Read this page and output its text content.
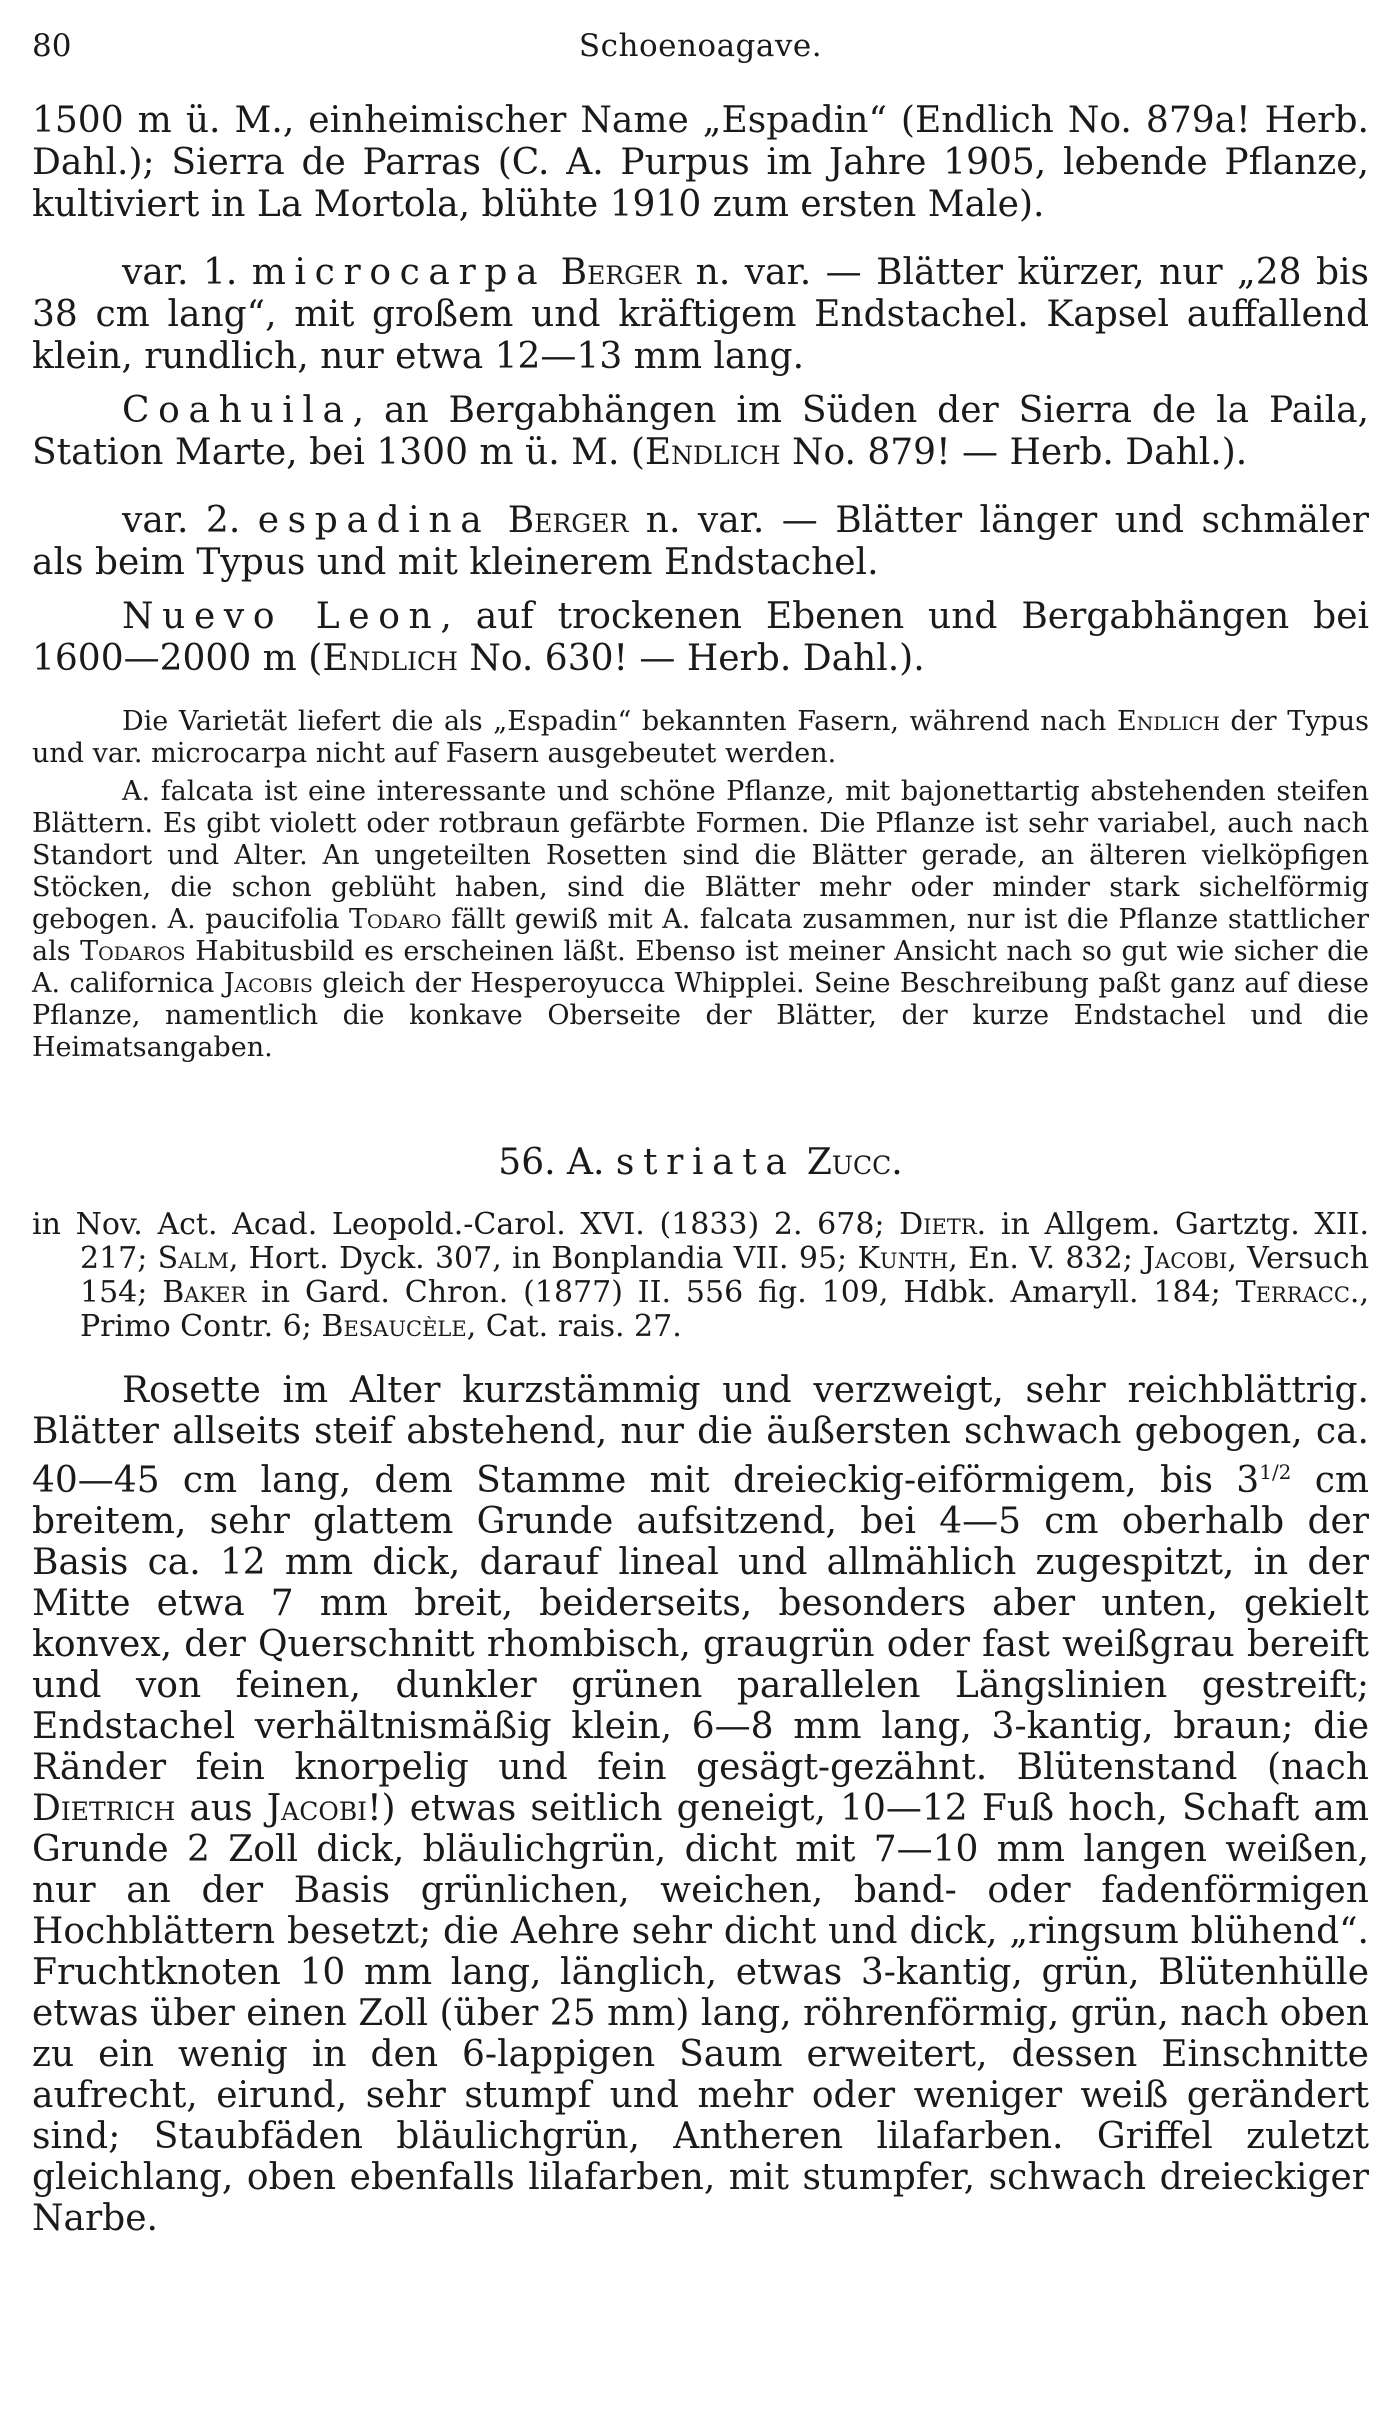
80	Schoenoagave.

1500 m ü. M., einheimischer Name „Espadin“ (Endlich No. 879a! Herb. Dahl.); Sierra de Parras (C. A. Purpus im Jahre 1905, lebende Pflanze, kultiviert in La Mortola, blühte 1910 zum ersten Male).

var. 1. microcarpa Berger n. var. — Blätter kürzer, nur „28 bis 38 cm lang“, mit großem und kräftigem Endstachel. Kapsel auffallend klein, rundlich, nur etwa 12—13 mm lang.

Coahuila, an Bergabhängen im Süden der Sierra de la Paila, Station Marte, bei 1300 m ü. M. (Endlich No. 879! — Herb. Dahl.).

var. 2. espadina Berger n. var. — Blätter länger und schmäler als beim Typus und mit kleinerem Endstachel.

Nuevo Leon, auf trockenen Ebenen und Bergabhängen bei 1600—2000 m (Endlich No. 630! — Herb. Dahl.).

Die Varietät liefert die als „Espadin“ bekannten Fasern, während nach Endlich der Typus und var. microcarpa nicht auf Fasern ausgebeutet werden.

A. falcata ist eine interessante und schöne Pflanze, mit bajonettartig abstehenden steifen Blättern. Es gibt violett oder rotbraun gefärbte Formen. Die Pflanze ist sehr variabel, auch nach Standort und Alter. An ungeteilten Rosetten sind die Blätter gerade, an älteren vielköpfigen Stöcken, die schon geblüht haben, sind die Blätter mehr oder minder stark sichelförmig gebogen. A. paucifolia Todaro fällt gewiß mit A. falcata zusammen, nur ist die Pflanze stattlicher als Todaros Habitusbild es erscheinen läßt. Ebenso ist meiner Ansicht nach so gut wie sicher die A. californica Jacobis gleich der Hesperoyucca Whipplei. Seine Beschreibung paßt ganz auf diese Pflanze, namentlich die konkave Oberseite der Blätter, der kurze Endstachel und die Heimatsangaben.

56. A. striata Zucc.

in Nov. Act. Acad. Leopold.-Carol. XVI. (1833) 2. 678; Dietr. in Allgem. Gartztg. XII. 217; Salm, Hort. Dyck. 307, in Bonplandia VII. 95; Kunth, En. V. 832; Jacobi, Versuch 154; Baker in Gard. Chron. (1877) II. 556 fig. 109, Hdbk. Amaryll. 184; Terracc., Primo Contr. 6; Besaucèle, Cat. rais. 27.

Rosette im Alter kurzstämmig und verzweigt, sehr reichblättrig. Blätter allseits steif abstehend, nur die äußersten schwach gebogen, ca. 40—45 cm lang, dem Stamme mit dreieckig-eiförmigem, bis $3^{1/2}$ cm breitem, sehr glattem Grunde aufsitzend, bei 4—5 cm oberhalb der Basis ca. 12 mm dick, darauf lineal und allmählich zugespitzt, in der Mitte etwa 7 mm breit, beiderseits, besonders aber unten, gekielt konvex, der Querschnitt rhombisch, graugrün oder fast weißgrau bereift und von feinen, dunkler grünen parallelen Längslinien gestreift; Endstachel verhältnismäßig klein, 6—8 mm lang, 3-kantig, braun; die Ränder fein knorpelig und fein gesägt-gezähnt. Blütenstand (nach Dietrich aus Jacobi!) etwas seitlich geneigt, 10—12 Fuß hoch, Schaft am Grunde 2 Zoll dick, bläulichgrün, dicht mit 7—10 mm langen weißen, nur an der Basis grünlichen, weichen, band- oder fadenförmigen Hochblättern besetzt; die Aehre sehr dicht und dick, „ringsum blühend“. Fruchtknoten 10 mm lang, länglich, etwas 3-kantig, grün, Blütenhülle etwas über einen Zoll (über 25 mm) lang, röhrenförmig, grün, nach oben zu ein wenig in den 6-lappigen Saum erweitert, dessen Einschnitte aufrecht, eirund, sehr stumpf und mehr oder weniger weiß gerändert sind; Staubfäden bläulichgrün, Antheren lilafarben. Griffel zuletzt gleichlang, oben ebenfalls lilafarben, mit stumpfer, schwach dreieckiger Narbe.
